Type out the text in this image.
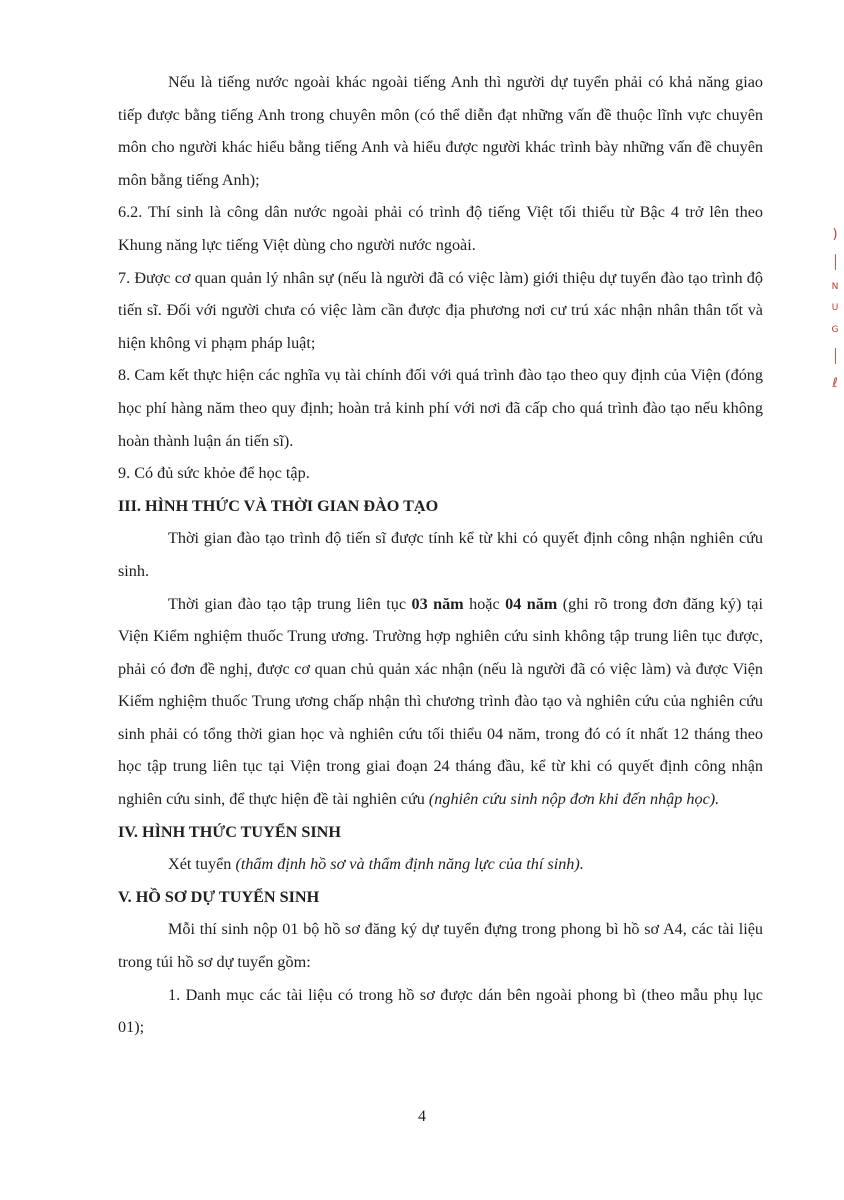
Nếu là tiếng nước ngoài khác ngoài tiếng Anh thì người dự tuyển phải có khả năng giao tiếp được bằng tiếng Anh trong chuyên môn (có thể diễn đạt những vấn đề thuộc lĩnh vực chuyên môn cho người khác hiểu bằng tiếng Anh và hiểu được người khác trình bày những vấn đề chuyên môn bằng tiếng Anh);

6.2. Thí sinh là công dân nước ngoài phải có trình độ tiếng Việt tối thiểu từ Bậc 4 trở lên theo Khung năng lực tiếng Việt dùng cho người nước ngoài.

7. Được cơ quan quản lý nhân sự (nếu là người đã có việc làm) giới thiệu dự tuyển đào tạo trình độ tiến sĩ. Đối với người chưa có việc làm cần được địa phương nơi cư trú xác nhận nhân thân tốt và hiện không vi phạm pháp luật;

8. Cam kết thực hiện các nghĩa vụ tài chính đối với quá trình đào tạo theo quy định của Viện (đóng học phí hàng năm theo quy định; hoàn trả kinh phí với nơi đã cấp cho quá trình đào tạo nếu không hoàn thành luận án tiến sĩ).

9. Có đủ sức khỏe để học tập.

III. HÌNH THỨC VÀ THỜI GIAN ĐÀO TẠO

Thời gian đào tạo trình độ tiến sĩ được tính kể từ khi có quyết định công nhận nghiên cứu sinh.

Thời gian đào tạo tập trung liên tục 03 năm hoặc 04 năm (ghi rõ trong đơn đăng ký) tại Viện Kiểm nghiệm thuốc Trung ương. Trường hợp nghiên cứu sinh không tập trung liên tục được, phải có đơn đề nghị, được cơ quan chủ quản xác nhận (nếu là người đã có việc làm) và được Viện Kiểm nghiệm thuốc Trung ương chấp nhận thì chương trình đào tạo và nghiên cứu của nghiên cứu sinh phải có tổng thời gian học và nghiên cứu tối thiểu 04 năm, trong đó có ít nhất 12 tháng theo học tập trung liên tục tại Viện trong giai đoạn 24 tháng đầu, kể từ khi có quyết định công nhận nghiên cứu sinh, để thực hiện đề tài nghiên cứu (nghiên cứu sinh nộp đơn khi đến nhập học).

IV. HÌNH THỨC TUYỂN SINH

Xét tuyển (thẩm định hồ sơ và thẩm định năng lực của thí sinh).

V. HỒ SƠ DỰ TUYỂN SINH

Mỗi thí sinh nộp 01 bộ hồ sơ đăng ký dự tuyển đựng trong phong bì hồ sơ A4, các tài liệu trong túi hồ sơ dự tuyển gồm:

1. Danh mục các tài liệu có trong hồ sơ được dán bên ngoài phong bì (theo mẫu phụ lục 01);

)
N
U
G
ℓ
4
